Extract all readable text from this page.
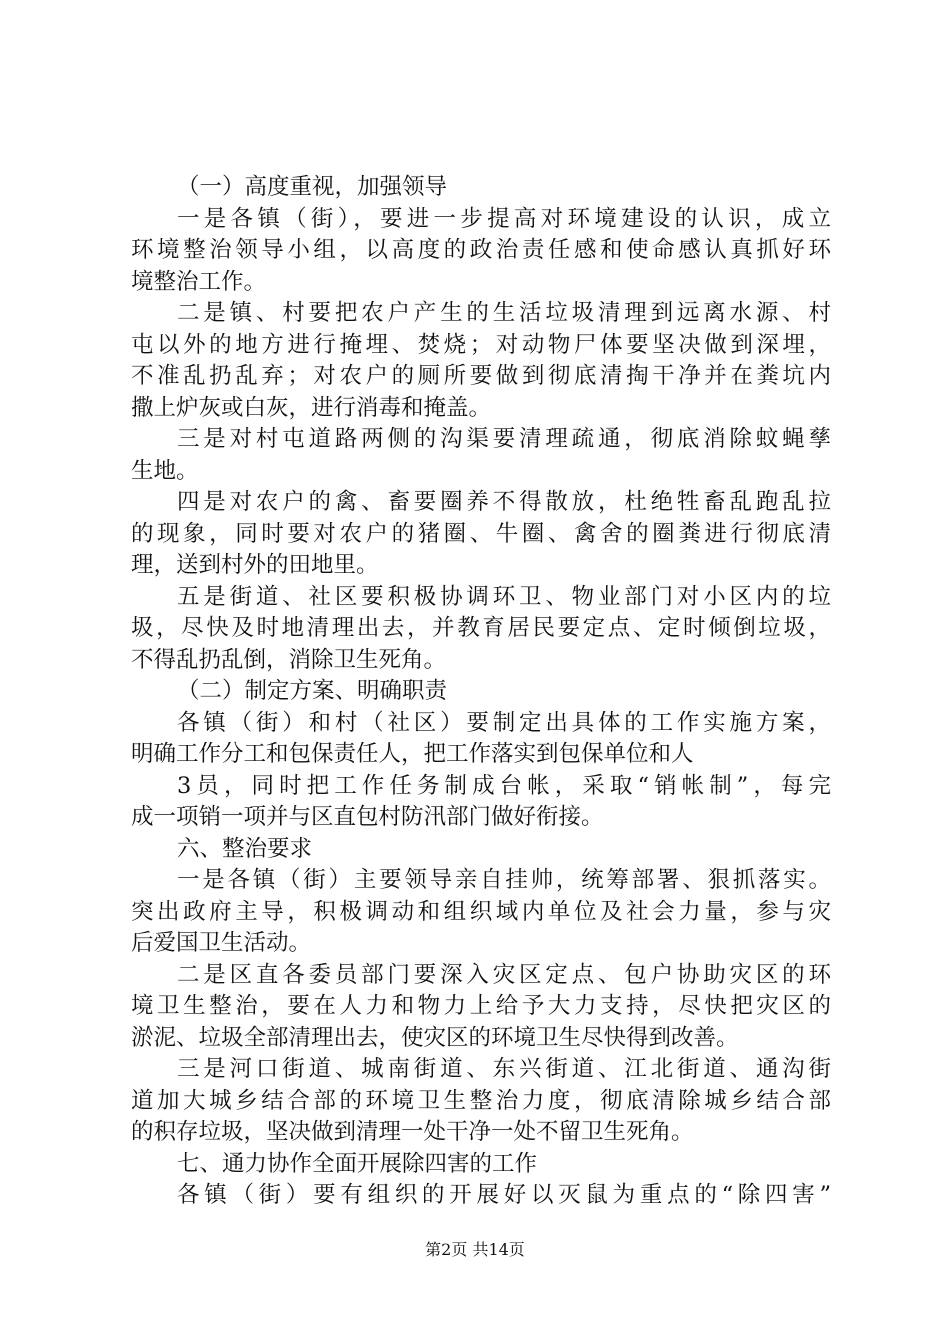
（一）高度重视，加强领导
一是各镇（街），要进一步提高对环境建设的认识，成立
环境整治领导小组，以高度的政治责任感和使命感认真抓好环
境整治工作。
二是镇、村要把农户产生的生活垃圾清理到远离水源、村
屯以外的地方进行掩埋、焚烧；对动物尸体要坚决做到深埋，
不准乱扔乱弃；对农户的厕所要做到彻底清掏干净并在粪坑内
撒上炉灰或白灰，进行消毒和掩盖。
三是对村屯道路两侧的沟渠要清理疏通，彻底消除蚊蝇孳
生地。
四是对农户的禽、畜要圈养不得散放，杜绝牲畜乱跑乱拉
的现象，同时要对农户的猪圈、牛圈、禽舍的圈粪进行彻底清
理，送到村外的田地里。
五是街道、社区要积极协调环卫、物业部门对小区内的垃
圾，尽快及时地清理出去，并教育居民要定点、定时倾倒垃圾，
不得乱扔乱倒，消除卫生死角。
（二）制定方案、明确职责
各镇（街）和村（社区）要制定出具体的工作实施方案，
明确工作分工和包保责任人，把工作落实到包保单位和人
3员，同时把工作任务制成台帐，采取“销帐制”，每完
成一项销一项并与区直包村防汛部门做好衔接。
六、整治要求
一是各镇（街）主要领导亲自挂帅，统筹部署、狠抓落实。
突出政府主导，积极调动和组织域内单位及社会力量，参与灾
后爱国卫生活动。
二是区直各委员部门要深入灾区定点、包户协助灾区的环
境卫生整治，要在人力和物力上给予大力支持，尽快把灾区的
淤泥、垃圾全部清理出去，使灾区的环境卫生尽快得到改善。
三是河口街道、城南街道、东兴街道、江北街道、通沟街
道加大城乡结合部的环境卫生整治力度，彻底清除城乡结合部
的积存垃圾，坚决做到清理一处干净一处不留卫生死角。
七、通力协作全面开展除四害的工作
各镇（街）要有组织的开展好以灭鼠为重点的“除四害”
第2页 共14页
